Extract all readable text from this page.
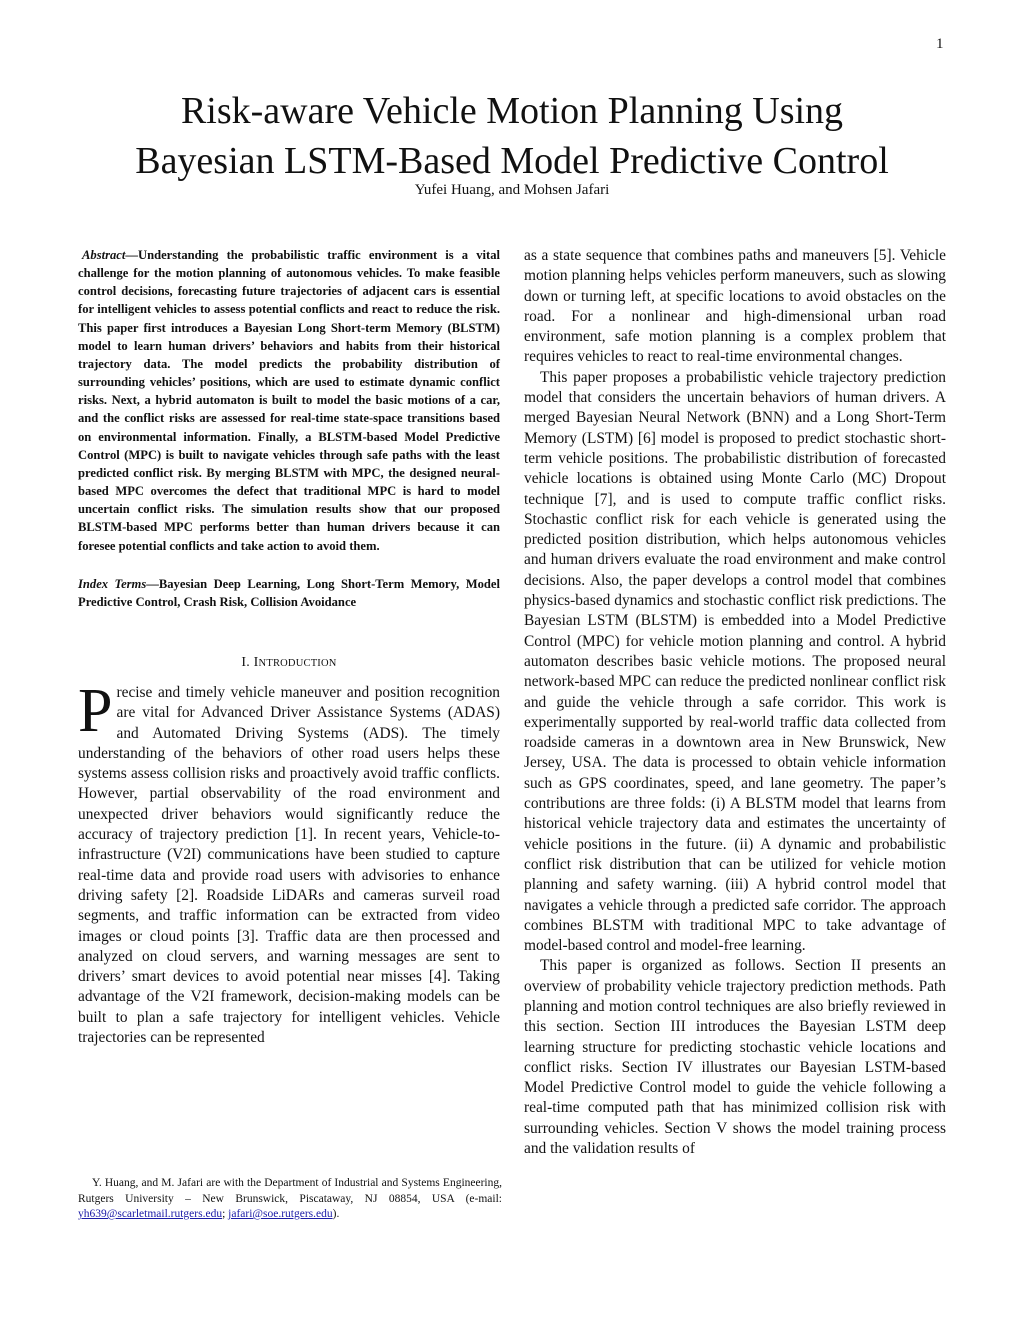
1
Risk-aware Vehicle Motion Planning Using
Bayesian LSTM-Based Model Predictive Control
Yufei Huang, and Mohsen Jafari

Abstract—Understanding the probabilistic traffic environment is a vital challenge for the motion planning of autonomous vehicles. To make feasible control decisions, forecasting future trajectories of adjacent cars is essential for intelligent vehicles to assess potential conflicts and react to reduce the risk. This paper first introduces a Bayesian Long Short-term Memory (BLSTM) model to learn human drivers’ behaviors and habits from their historical trajectory data. The model predicts the probability distribution of surrounding vehicles’ positions, which are used to estimate dynamic conflict risks. Next, a hybrid automaton is built to model the basic motions of a car, and the conflict risks are assessed for real-time state-space transitions based on environmental information. Finally, a BLSTM-based Model Predictive Control (MPC) is built to navigate vehicles through safe paths with the least predicted conflict risk. By merging BLSTM with MPC, the designed neural-based MPC overcomes the defect that traditional MPC is hard to model uncertain conflict risks. The simulation results show that our proposed BLSTM-based MPC performs better than human drivers because it can foresee potential conflicts and take action to avoid them.

Index Terms—Bayesian Deep Learning, Long Short-Term Memory, Model Predictive Control, Crash Risk, Collision Avoidance

I. INTRODUCTION

Precise and timely vehicle maneuver and position recognition are vital for Advanced Driver Assistance Systems (ADAS) and Automated Driving Systems (ADS). The timely understanding of the behaviors of other road users helps these systems assess collision risks and proactively avoid traffic conflicts. However, partial observability of the road environment and unexpected driver behaviors would significantly reduce the accuracy of trajectory prediction [1]. In recent years, Vehicle-to-infrastructure (V2I) communications have been studied to capture real-time data and provide road users with advisories to enhance driving safety [2]. Roadside LiDARs and cameras surveil road segments, and traffic information can be extracted from video images or cloud points [3]. Traffic data are then processed and analyzed on cloud servers, and warning messages are sent to drivers’ smart devices to avoid potential near misses [4]. Taking advantage of the V2I framework, decision-making models can be built to plan a safe trajectory for intelligent vehicles. Vehicle trajectories can be represented

as a state sequence that combines paths and maneuvers [5]. Vehicle motion planning helps vehicles perform maneuvers, such as slowing down or turning left, at specific locations to avoid obstacles on the road. For a nonlinear and high-dimensional urban road environment, safe motion planning is a complex problem that requires vehicles to react to real-time environmental changes.

This paper proposes a probabilistic vehicle trajectory prediction model that considers the uncertain behaviors of human drivers. A merged Bayesian Neural Network (BNN) and a Long Short-Term Memory (LSTM) [6] model is proposed to predict stochastic short-term vehicle positions. The probabilistic distribution of forecasted vehicle locations is obtained using Monte Carlo (MC) Dropout technique [7], and is used to compute traffic conflict risks. Stochastic conflict risk for each vehicle is generated using the predicted position distribution, which helps autonomous vehicles and human drivers evaluate the road environment and make control decisions. Also, the paper develops a control model that combines physics-based dynamics and stochastic conflict risk predictions. The Bayesian LSTM (BLSTM) is embedded into a Model Predictive Control (MPC) for vehicle motion planning and control. A hybrid automaton describes basic vehicle motions. The proposed neural network-based MPC can reduce the predicted nonlinear conflict risk and guide the vehicle through a safe corridor. This work is experimentally supported by real-world traffic data collected from roadside cameras in a downtown area in New Brunswick, New Jersey, USA. The data is processed to obtain vehicle information such as GPS coordinates, speed, and lane geometry. The paper’s contributions are three folds: (i) A BLSTM model that learns from historical vehicle trajectory data and estimates the uncertainty of vehicle positions in the future. (ii) A dynamic and probabilistic conflict risk distribution that can be utilized for vehicle motion planning and safety warning. (iii) A hybrid control model that navigates a vehicle through a predicted safe corridor. The approach combines BLSTM with traditional MPC to take advantage of model-based control and model-free learning.

This paper is organized as follows. Section II presents an overview of probability vehicle trajectory prediction methods. Path planning and motion control techniques are also briefly reviewed in this section. Section III introduces the Bayesian LSTM deep learning structure for predicting stochastic vehicle locations and conflict risks. Section IV illustrates our Bayesian LSTM-based Model Predictive Control model to guide the vehicle following a real-time computed path that has minimized collision risk with surrounding vehicles. Section V shows the model training process and the validation results of

Y. Huang, and M. Jafari are with the Department of Industrial and Systems Engineering, Rutgers University – New Brunswick, Piscataway, NJ 08854, USA (e-mail: yh639@scarletmail.rutgers.edu; jafari@soe.rutgers.edu).
